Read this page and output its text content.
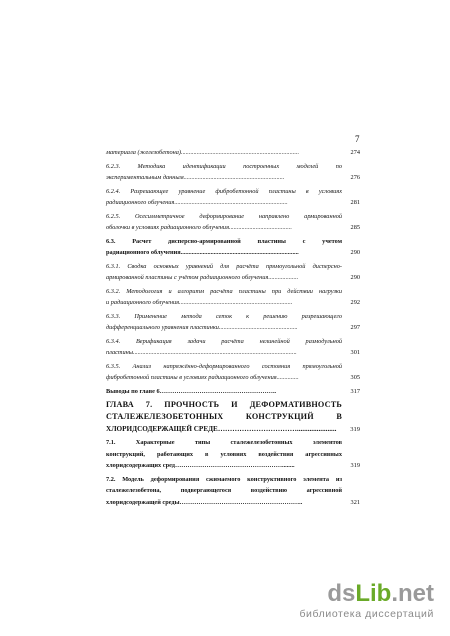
7
материала (железобетона)...........................................................................	274
6.2.3. Методика идентификации построенных моделей по
экспериментальным данным................................................................	276
6.2.4. Разрешающее уравнение фибробетонной пластины в условиях
радиационного облучения........................................................................	281
6.2.5. Осесимметричное деформирование направлено армированной
оболочки в условиях радиационного облучения........................................	285
6.3. Расчет дисперсно-армированной пластины с учетом
радиационного облучения...........................................................................	290
6.3.1. Сводка основных уравнений для расчёта прямоугольной дисперсно-
армированной пластины с учётом радиационного облучения...................	290
6.3.2. Методология и алгоритм расчёта пластины при действии нагрузки
и радиационного облучения........................................................................	292
6.3.3. Применение метода сеток к решению разрешающего
дифференциального уравнения пластинки..................................................	297
6.3.4. Верификация задачи расчёта нелинейной размодульной
пластины........................................................................................................	301
6.3.5. Анализ напряжённо-деформированного состояния прямоугольной
фибробетонной пластины в условиях радиационного облучения..............	305
Выводы по главе 6………………………………………………..	317
ГЛАВА 7. ПРОЧНОСТЬ И ДЕФОРМАТИВНОСТЬ
СТАЛЕЖЕЛЕЗОБЕТОННЫХ КОНСТРУКЦИЙ В
ХЛОРИДСОДЕРЖАЩЕЙ СРЕДЕ……………………………......................	319
7.1. Характерные типы сталежелезобетонных элементов
конструкций, работающих в условиях воздействия агрессивных
хлоридсодержащих сред……………………………………………........	319
7.2. Модель деформирования сжимаемого конструктивного элемента из
сталежелезобетона, подвергающегося воздействию агрессивной
хлоридсодержащей среды…………………………………………………..	321
dsLib.net
библиотека диссертаций
